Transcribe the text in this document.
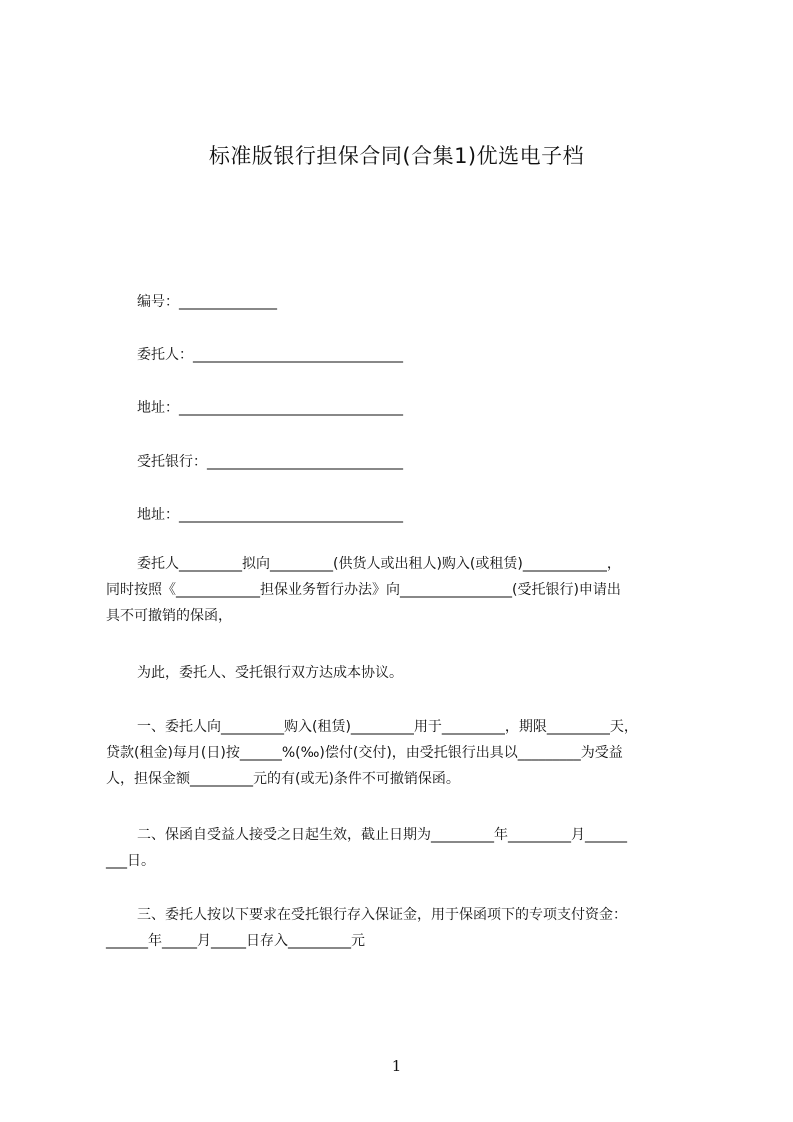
标准版银行担保合同(合集1)优选电子档
编号：______________
委托人：______________________________
地址：________________________________
受托银行：____________________________
地址：________________________________
委托人_________拟向_________(供货人或出租人)购入(或租赁)____________，
同时按照《____________担保业务暂行办法》向________________(受托银行)申请出
具不可撤销的保函，
为此，委托人、受托银行双方达成本协议。
一、委托人向_________购入(租赁)_________用于_________，期限_________天，
贷款(租金)每月(日)按______%(‰)偿付(交付)，由受托银行出具以_________为受益
人，担保金额_________元的有(或无)条件不可撤销保函。
二、保函自受益人接受之日起生效，截止日期为_________年_________月______
___日。
三、委托人按以下要求在受托银行存入保证金，用于保函项下的专项支付资金：
______年_____月_____日存入_________元
1
